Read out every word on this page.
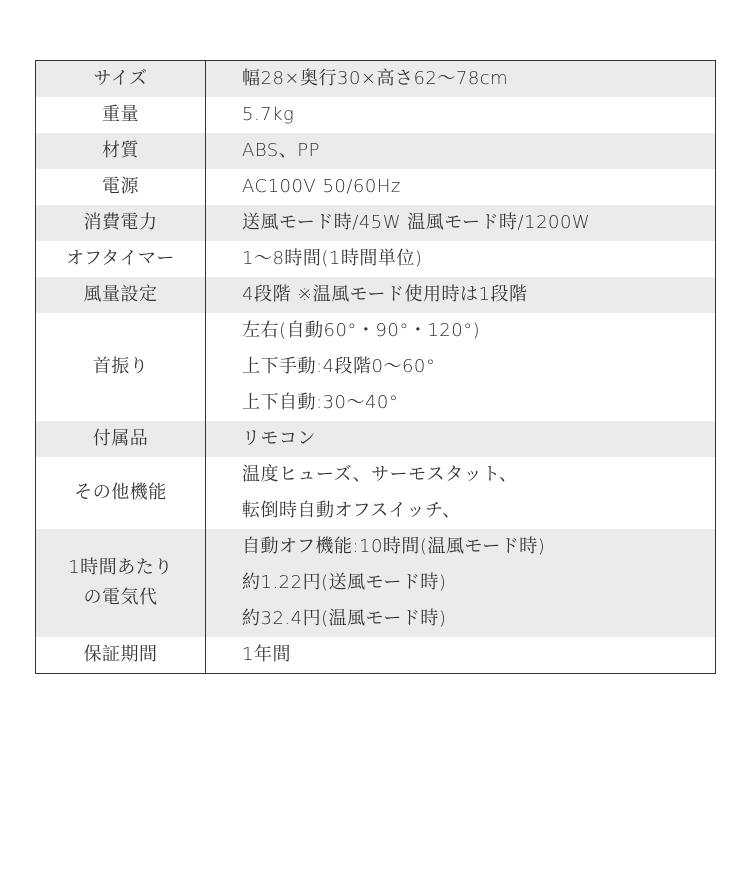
サイズ	幅28×奥行30×高さ62〜78cm

重量	5.7kg

材質	ABS、PP

電源	AC100V 50/60Hz

消費電力	送風モード時/45W 温風モード時/1200W

オフタイマー	1〜8時間(1時間単位)

風量設定	4段階 ※温風モード使用時は1段階

首振り	左右(自動60°・90°・120°)
上下手動:4段階0〜60°
上下自動:30〜40°

付属品	リモコン

その他機能	温度ヒューズ、サーモスタット、
転倒時自動オフスイッチ、

1時間あたり
の電気代	自動オフ機能:10時間(温風モード時)
約1.22円(送風モード時)
約32.4円(温風モード時)

保証期間	1年間
